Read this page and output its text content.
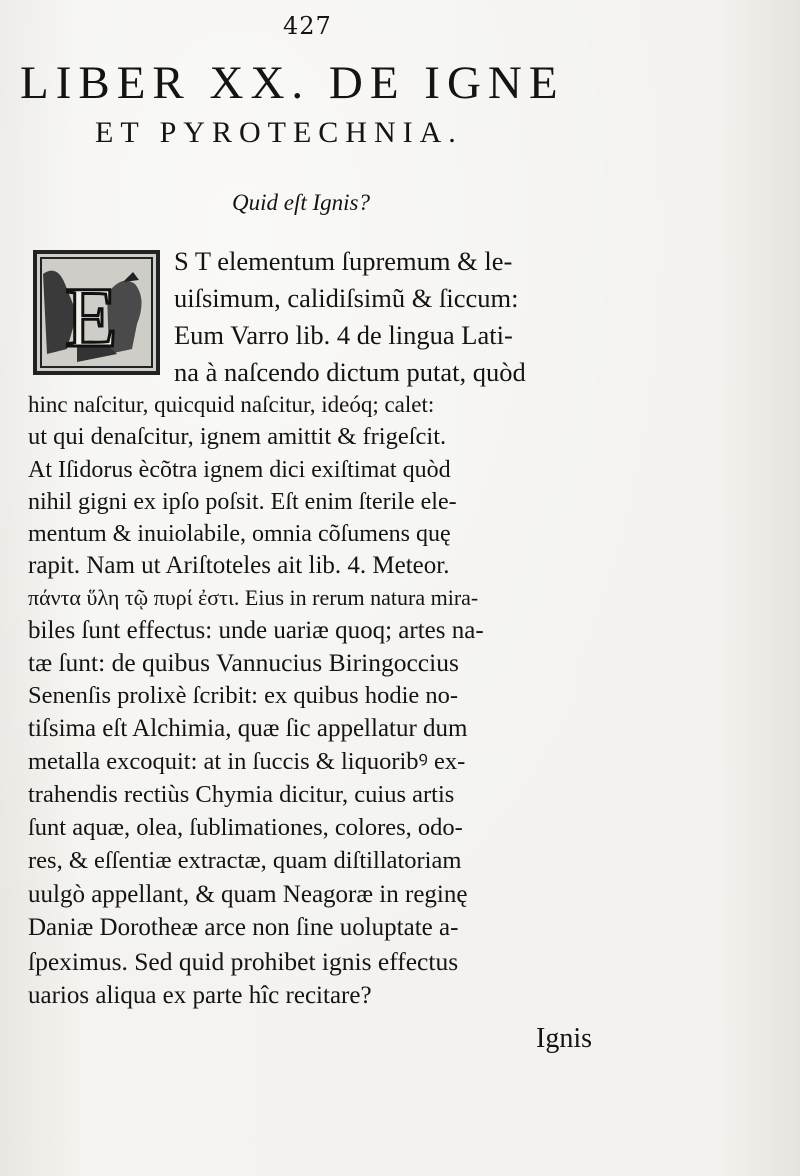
427
LIBER XX. DE IGNE
ET PYROTECHNIA.
Quid eſt Ignis?
E
S T elementum ſupremum & le-
uiſsimum, calidiſsimũ & ſiccum:
Eum Varro lib. 4 de lingua Lati-
na à naſcendo dictum putat, quòd
hinc naſcitur, quicquid naſcitur, ideóq; calet:
ut qui denaſcitur, ignem amittit & frigeſcit.
At Iſidorus ècõtra ignem dici exiſtimat quòd
nihil gigni ex ipſo poſsit. Eſt enim ſterile ele-
mentum & inuiolabile, omnia cõſumens quę
rapit. Nam ut Ariſtoteles ait lib. 4. Meteor.
πάντα ὕλη τῷ πυρί ἐστι. Eius in rerum natura mira-
biles ſunt effectus: unde uariæ quoq; artes na-
tæ ſunt: de quibus Vannucius Biringoccius
Senenſis prolixè ſcribit: ex quibus hodie no-
tiſsima eſt Alchimia, quæ ſic appellatur dum
metalla excoquit: at in ſuccis & liquoribꝰ ex-
trahendis rectiùs Chymia dicitur, cuius artis
ſunt aquæ, olea, ſublimationes, colores, odo-
res, & eſſentiæ extractæ, quam diſtillatoriam
uulgò appellant, & quam Neagoræ in reginę
Daniæ Dorotheæ arce non ſine uoluptate a-
ſpeximus. Sed quid prohibet ignis effectus
uarios aliqua ex parte hîc recitare?
Ignis
